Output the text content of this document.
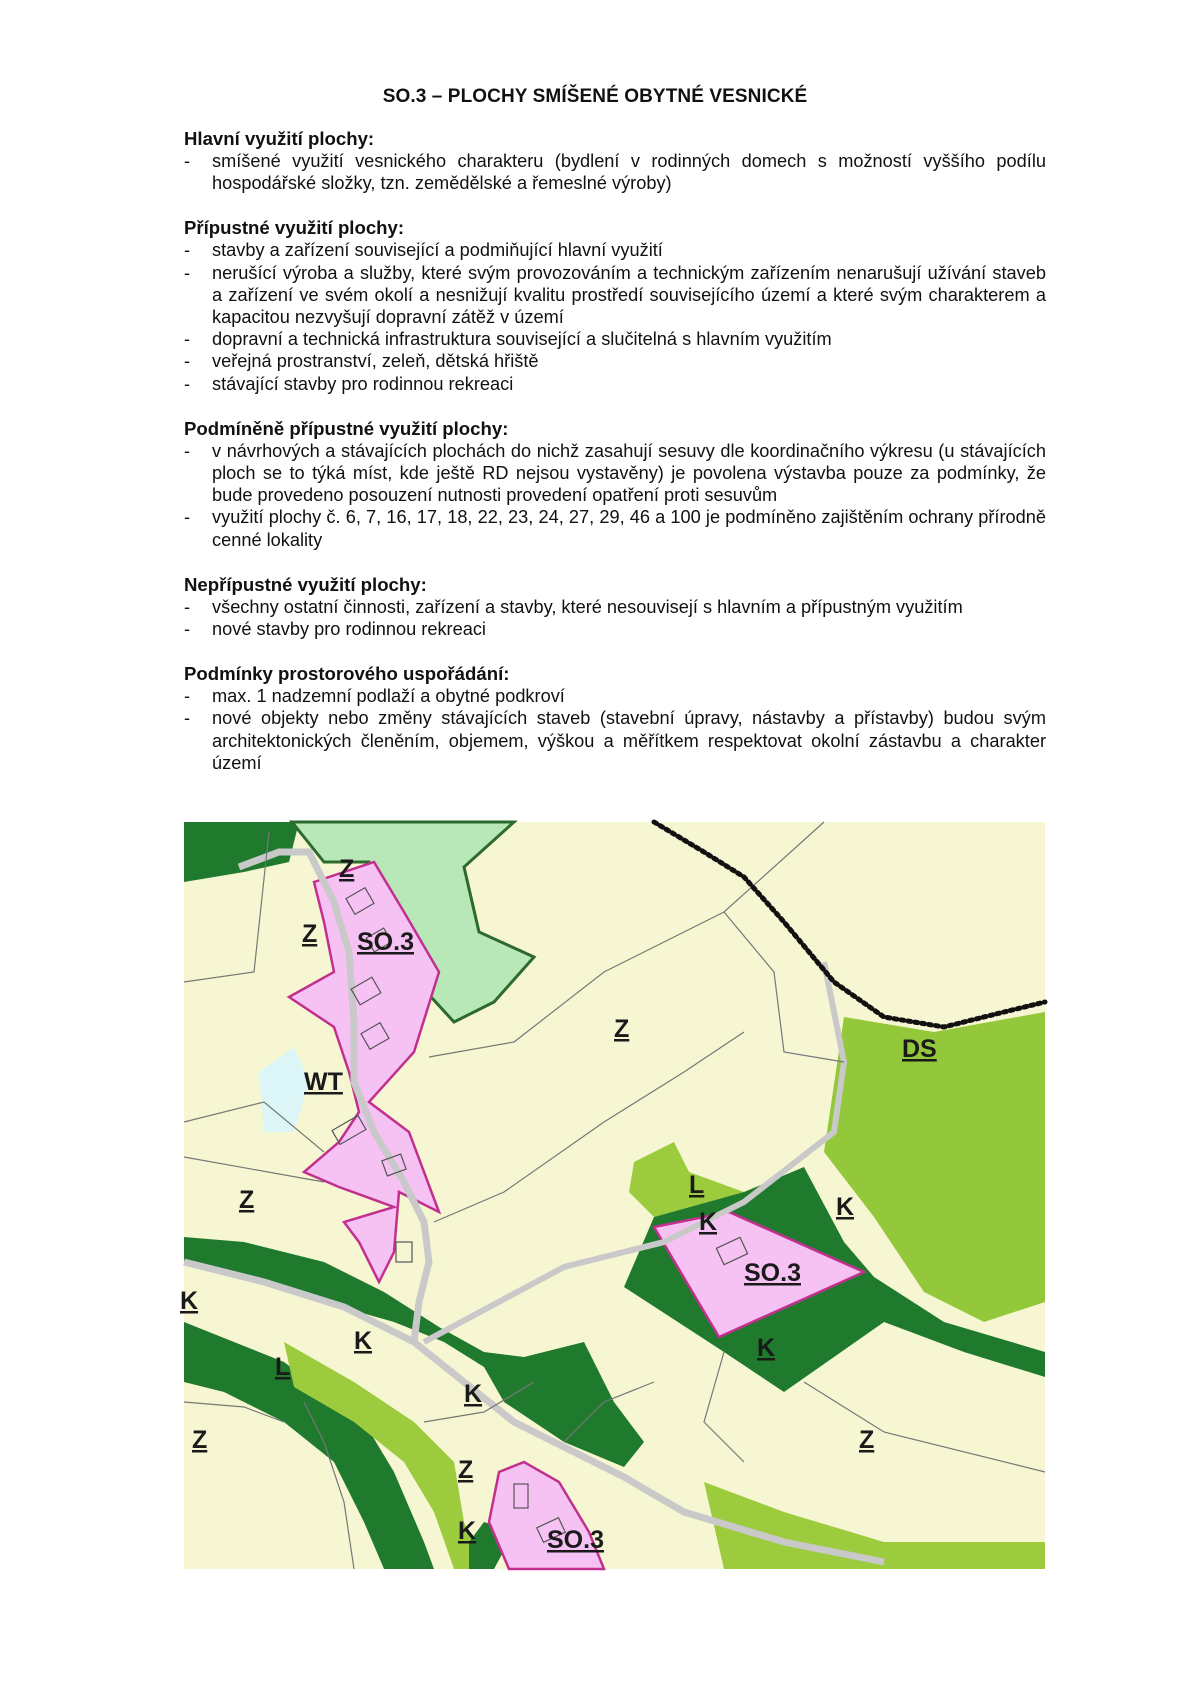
SO.3 – PLOCHY SMÍŠENÉ OBYTNÉ VESNICKÉ
Hlavní využití plochy:
- smíšené využití vesnického charakteru (bydlení v rodinných domech s možností vyššího podílu hospodářské složky, tzn. zemědělské a řemeslné výroby)
Přípustné využití plochy:
- stavby a zařízení související a podmiňující hlavní využití
- nerušící výroba a služby, které svým provozováním a technickým zařízením nenarušují užívání staveb a zařízení ve svém okolí a nesnižují kvalitu prostředí souvisejícího území a které svým charakterem a kapacitou nezvyšují dopravní zátěž v území
- dopravní a technická infrastruktura související a slučitelná s hlavním využitím
- veřejná prostranství, zeleň, dětská hřiště
- stávající stavby pro rodinnou rekreaci
Podmíněně přípustné využití plochy:
- v návrhových a stávajících plochách do nichž zasahují sesuvy dle koordinačního výkresu (u stávajících ploch se to týká míst, kde ještě RD nejsou vystavěny) je povolena výstavba pouze za podmínky, že bude provedeno posouzení nutnosti provedení opatření proti sesuvům
- využití plochy č. 6, 7, 16, 17, 18, 22, 23, 24, 27, 29, 46 a 100 je podmíněno zajištěním ochrany přírodně cenné lokality
Nepřípustné využití plochy:
- všechny ostatní činnosti, zařízení a stavby, které nesouvisejí s hlavním a přípustným využitím
- nové stavby pro rodinnou rekreaci
Podmínky prostorového uspořádání:
- max. 1 nadzemní podlaží a obytné podkroví
- nové objekty nebo změny stávajících staveb (stavební úpravy, nástavby a přístavby) budou svým architektonických členěním, objemem, výškou a měřítkem respektovat okolní zástavbu a charakter území
Z
Z
Z
Z
Z
Z
Z
SO.3
SO.3
SO.3
WT
DS
L
L
K
K
K
K
K
K
K
